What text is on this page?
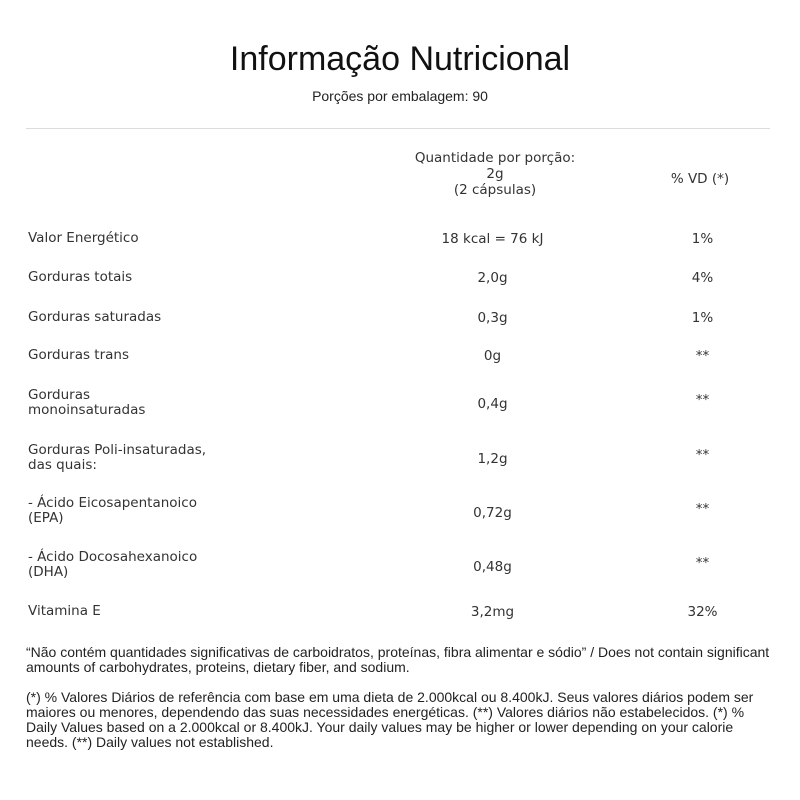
Informação Nutricional
Porções por embalagem: 90
Quantidade por porção:
2g
(2 cápsulas)
% VD (*)
Valor Energético	18 kcal = 76 kJ	1%
Gorduras totais	2,0g	4%
Gorduras saturadas	0,3g	1%
Gorduras trans	0g	**
Gorduras monoinsaturadas	0,4g	**
Gorduras Poli-insaturadas, das quais:	1,2g	**
- Ácido Eicosapentanoico (EPA)	0,72g	**
- Ácido Docosahexanoico (DHA)	0,48g	**
Vitamina E	3,2mg	32%
“Não contém quantidades significativas de carboidratos, proteínas, fibra alimentar e sódio” / Does not contain significant amounts of carbohydrates, proteins, dietary fiber, and sodium.
(*) % Valores Diários de referência com base em uma dieta de 2.000kcal ou 8.400kJ. Seus valores diários podem ser maiores ou menores, dependendo das suas necessidades energéticas. (**) Valores diários não estabelecidos. (*) % Daily Values based on a 2.000kcal or 8.400kJ. Your daily values may be higher or lower depending on your calorie needs. (**) Daily values not established.
